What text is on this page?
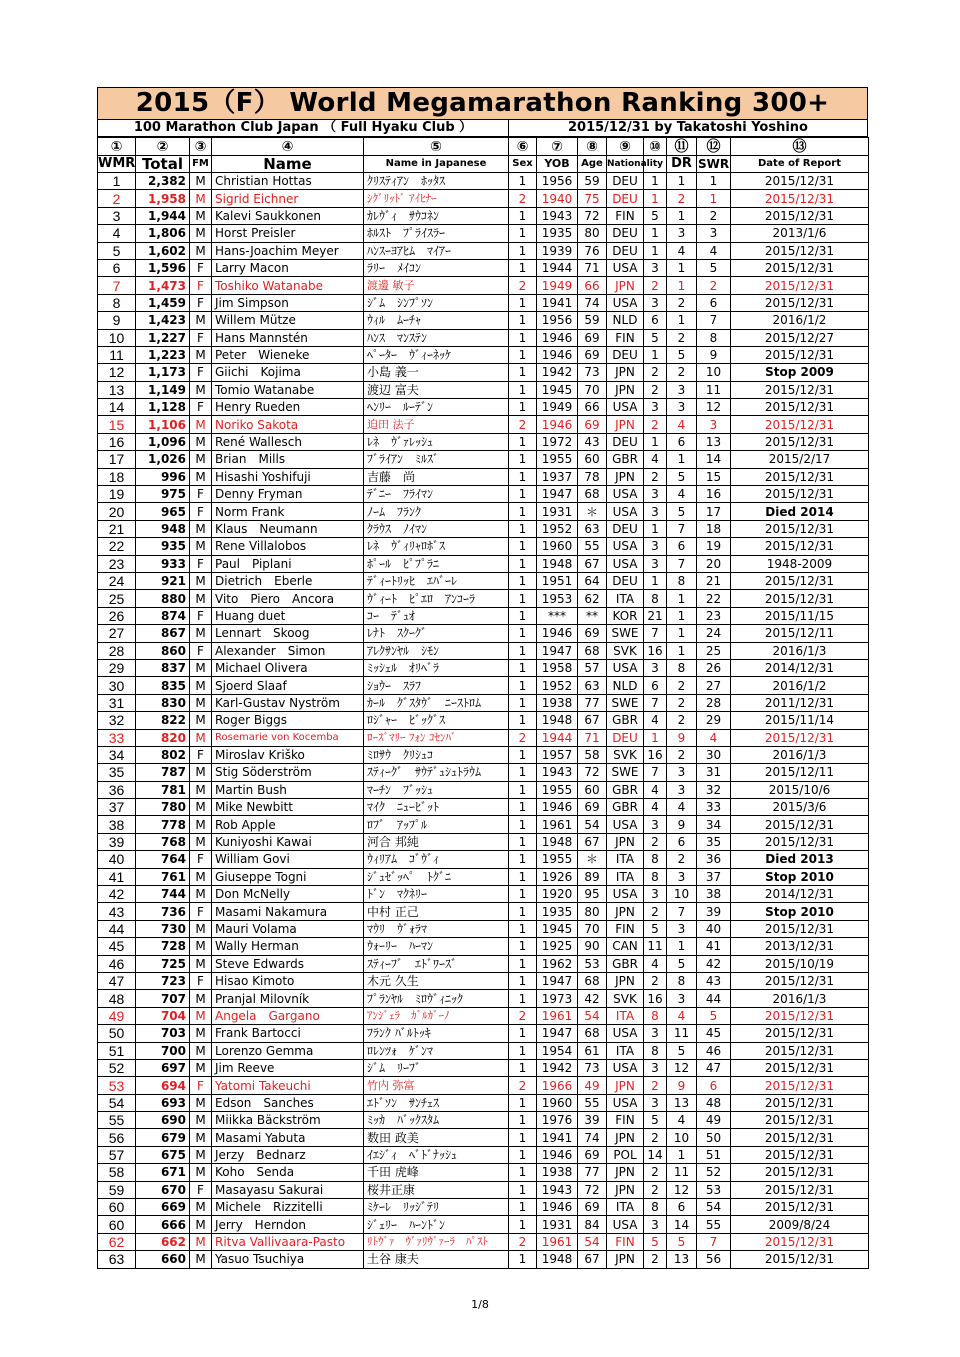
2015（F） World Megamarathon Ranking 300+
100 Marathon Club Japan （ Full Hyaku Club ）	2015/12/31 by Takatoshi Yoshino
①	②	③	④	⑤	⑥	⑦	⑧	⑨	⑩	⑪	⑫	⑬
WMR	Total	FM	Name	Name in Japanese	Sex	YOB	Age	Nationality		DR	SWR	Date of Report
1	2,382	M	Christian Hottas	ｸﾘｽﾃｨｱﾝ　ﾎｯﾀｽ	1	1956	59	DEU	1	1	1	2015/12/31
2	1,958	M	Sigrid Eichner	ｼｸﾞﾘｯﾄﾞ ｱｲﾋﾅｰ	2	1940	75	DEU	1	2	1	2015/12/31
3	1,944	M	Kalevi Saukkonen	ｶﾚｳﾞｨ　ｻｳｺﾈﾝ	1	1943	72	FIN	5	1	2	2015/12/31
4	1,806	M	Horst Preisler	ﾎﾙｽﾄ　ﾌﾟﾗｲｽﾗｰ	1	1935	80	DEU	1	3	3	2013/1/6
5	1,602	M	Hans-Joachim Meyer	ﾊﾝｽｰﾖｱﾋﾑ　ﾏｲｱｰ	1	1939	76	DEU	1	4	4	2015/12/31
6	1,596	F	Larry Macon	ﾗﾘｰ　ﾒｲｺﾝ	1	1944	71	USA	3	1	5	2015/12/31
7	1,473	F	Toshiko Watanabe	渡邊 敏子	2	1949	66	JPN	2	1	2	2015/12/31
8	1,459	F	Jim Simpson	ｼﾞﾑ　ｼﾝﾌﾟｿﾝ	1	1941	74	USA	3	2	6	2015/12/31
9	1,423	M	Willem Mütze	ｳｨﾙ　ﾑｰﾁｬ	1	1956	59	NLD	6	1	7	2016/1/2
10	1,227	F	Hans Mannstén	ﾊﾝｽ　ﾏﾝｽﾃﾝ	1	1946	69	FIN	5	2	8	2015/12/27
11	1,223	M	Peter　Wieneke	ﾍﾟｰﾀｰ　ｳﾞｨｰﾈｯｹ	1	1946	69	DEU	1	5	9	2015/12/31
12	1,173	F	Giichi　Kojima	小島 義一	1	1942	73	JPN	2	2	10	Stop 2009
13	1,149	M	Tomio Watanabe	渡辺 富夫	1	1945	70	JPN	2	3	11	2015/12/31
14	1,128	F	Henry Rueden	ﾍﾝﾘｰ　ﾙｰﾃﾞﾝ	1	1949	66	USA	3	3	12	2015/12/31
15	1,106	M	Noriko Sakota	迫田 法子	2	1946	69	JPN	2	4	3	2015/12/31
16	1,096	M	René Wallesch	ﾚﾈ　ｳﾞｧﾚｯｼｭ	1	1972	43	DEU	1	6	13	2015/12/31
17	1,026	M	Brian　Mills	ﾌﾞﾗｲｱﾝ　ﾐﾙｽﾞ	1	1955	60	GBR	4	1	14	2015/2/17
18	996	M	Hisashi Yoshifuji	吉藤　尚	1	1937	78	JPN	2	5	15	2015/12/31
19	975	F	Denny Fryman	ﾃﾞﾆｰ　ﾌﾗｲﾏﾝ	1	1947	68	USA	3	4	16	2015/12/31
20	965	F	Norm Frank	ﾉｰﾑ　ﾌﾗﾝｸ	1	1931	＊	USA	3	5	17	Died 2014
21	948	M	Klaus　Neumann	ｸﾗｳｽ　ﾉｲﾏﾝ	1	1952	63	DEU	1	7	18	2015/12/31
22	935	M	Rene Villalobos	ﾚﾈ　ｳﾞｨﾘｬﾛﾎﾞｽ	1	1960	55	USA	3	6	19	2015/12/31
23	933	F	Paul　Piplani	ﾎﾟｰﾙ　ﾋﾟﾌﾟﾗﾆ	1	1948	67	USA	3	7	20	1948-2009
24	921	M	Dietrich　Eberle	ﾃﾞｨｰﾄﾘｯﾋ　ｴﾊﾞｰﾚ	1	1951	64	DEU	1	8	21	2015/12/31
25	880	M	Vito　Piero　Ancora	ｳﾞｨｰﾄ　ﾋﾟｴﾛ　ｱﾝｺｰﾗ	1	1953	62	ITA	8	1	22	2015/12/31
26	874	F	Huang duet	ｺｰ　ﾃﾞｭｵ	1	***	**	KOR	21	1	23	2015/11/15
27	867	M	Lennart　Skoog	ﾚﾅﾄ　ｽｸｰｸﾞ	1	1946	69	SWE	7	1	24	2015/12/11
28	860	F	Alexander　Simon	ｱﾚｸｻﾝﾔﾙ　ｼﾓﾝ	1	1947	68	SVK	16	1	25	2016/1/3
29	837	M	Michael Olivera	ﾐｯｼｪﾙ　ｵﾘﾍﾞﾗ	1	1958	57	USA	3	8	26	2014/12/31
30	835	M	Sjoerd Slaaf	ｼｮｳｰ　ｽﾗﾌ	1	1952	63	NLD	6	2	27	2016/1/2
31	830	M	Karl-Gustav Nyström	ｶｰﾙ　ｸﾞｽﾀｳﾞ　ﾆｰｽﾄﾛﾑ	1	1938	77	SWE	7	2	28	2011/12/31
32	822	M	Roger Biggs	ﾛｼﾞｬｰ　ﾋﾞｯｸﾞｽ	1	1948	67	GBR	4	2	29	2015/11/14
33	820	M	Rosemarie von Kocemba	ﾛｰｽﾞﾏﾘｰ ﾌｫﾝ ｺｾﾝﾊﾞ	2	1944	71	DEU	1	9	4	2015/12/31
34	802	F	Miroslav Kriško	ﾐﾛｻｳ　ｸﾘｼｭｺ	1	1957	58	SVK	16	2	30	2016/1/3
35	787	M	Stig Söderström	ｽﾃｨｰｸﾞ　ｻｳﾃﾞｭｼｭﾄﾗｳﾑ	1	1943	72	SWE	7	3	31	2015/12/11
36	781	M	Martin Bush	ﾏｰﾁﾝ　ﾌﾞｯｼｭ	1	1955	60	GBR	4	3	32	2015/10/6
37	780	M	Mike Newbitt	ﾏｲｸ　ﾆｭｰﾋﾞｯﾄ	1	1946	69	GBR	4	4	33	2015/3/6
38	778	M	Rob Apple	ﾛﾌﾞ　ｱｯﾌﾟﾙ	1	1961	54	USA	3	9	34	2015/12/31
39	768	M	Kuniyoshi Kawai	河合 邦純	1	1948	67	JPN	2	6	35	2015/12/31
40	764	F	William Govi	ｳｨﾘｱﾑ　ｺﾞｳﾞｨ	1	1955	＊	ITA	8	2	36	Died 2013
41	761	M	Giuseppe Togni	ｼﾞｭｾﾞｯﾍﾟ　ﾄｸﾞﾆ	1	1926	89	ITA	8	3	37	Stop 2010
42	744	M	Don McNelly	ﾄﾞﾝ　ﾏｸﾈﾘｰ	1	1920	95	USA	3	10	38	2014/12/31
43	736	F	Masami Nakamura	中村 正己	1	1935	80	JPN	2	7	39	Stop 2010
44	730	M	Mauri Volama	ﾏｳﾘ　ｳﾞｫﾗﾏ	1	1945	70	FIN	5	3	40	2015/12/31
45	728	M	Wally Herman	ｳｫｰﾘｰ　ﾊｰﾏﾝ	1	1925	90	CAN	11	1	41	2013/12/31
46	725	M	Steve Edwards	ｽﾃｨｰﾌﾞ　ｴﾄﾞﾜｰｽﾞ	1	1962	53	GBR	4	5	42	2015/10/19
47	723	F	Hisao Kimoto	木元 久生	1	1947	68	JPN	2	8	43	2015/12/31
48	707	M	Pranjal Milovník	ﾌﾟﾗﾝﾔﾙ　ﾐﾛｳﾞｨﾆｯｸ	1	1973	42	SVK	16	3	44	2016/1/3
49	704	M	Angela　Gargano	ｱﾝｼﾞｪﾗ　ｶﾞﾙｶﾞｰﾉ	2	1961	54	ITA	8	4	5	2015/12/31
50	703	M	Frank Bartocci	ﾌﾗﾝｸ ﾊﾞﾙﾄｯｷ	1	1947	68	USA	3	11	45	2015/12/31
51	700	M	Lorenzo Gemma	ﾛﾚﾝﾂｫ　ｹﾞﾝﾏ	1	1954	61	ITA	8	5	46	2015/12/31
52	697	M	Jim Reeve	ｼﾞﾑ　ﾘｰﾌﾞ	1	1942	73	USA	3	12	47	2015/12/31
53	694	F	Yatomi Takeuchi	竹内 弥富	2	1966	49	JPN	2	9	6	2015/12/31
54	693	M	Edson　Sanches	ｴﾄﾞｿﾝ　ｻﾝﾁｪｽ	1	1960	55	USA	3	13	48	2015/12/31
55	690	M	Miikka Bäckström	ﾐｯｶ　ﾊﾞｯｸｽﾀﾑ	1	1976	39	FIN	5	4	49	2015/12/31
56	679	M	Masami Yabuta	数田 政美	1	1941	74	JPN	2	10	50	2015/12/31
57	675	M	Jerzy　Bednarz	ｲｴｼﾞｨ　ﾍﾞﾄﾞﾅｯｼｭ	1	1946	69	POL	14	1	51	2015/12/31
58	671	M	Koho　Senda	千田 虎峰	1	1938	77	JPN	2	11	52	2015/12/31
59	670	F	Masayasu Sakurai	桜井正康	1	1943	72	JPN	2	12	53	2015/12/31
60	669	M	Michele　Rizzitelli	ﾐｹｰﾚ　ﾘｯｼﾞﾃﾘ	1	1946	69	ITA	8	6	54	2015/12/31
60	666	M	Jerry　Herndon	ｼﾞｪﾘｰ　ﾊｰﾝﾄﾞﾝ	1	1931	84	USA	3	14	55	2009/8/24
62	662	M	Ritva Vallivaara-Pasto	ﾘﾄｳﾞｧ　ｳﾞｧﾘｳﾞｧｰﾗ　ﾊﾟｽﾄ	2	1961	54	FIN	5	5	7	2015/12/31
63	660	M	Yasuo Tsuchiya	土谷 康夫	1	1948	67	JPN	2	13	56	2015/12/31
1/8
